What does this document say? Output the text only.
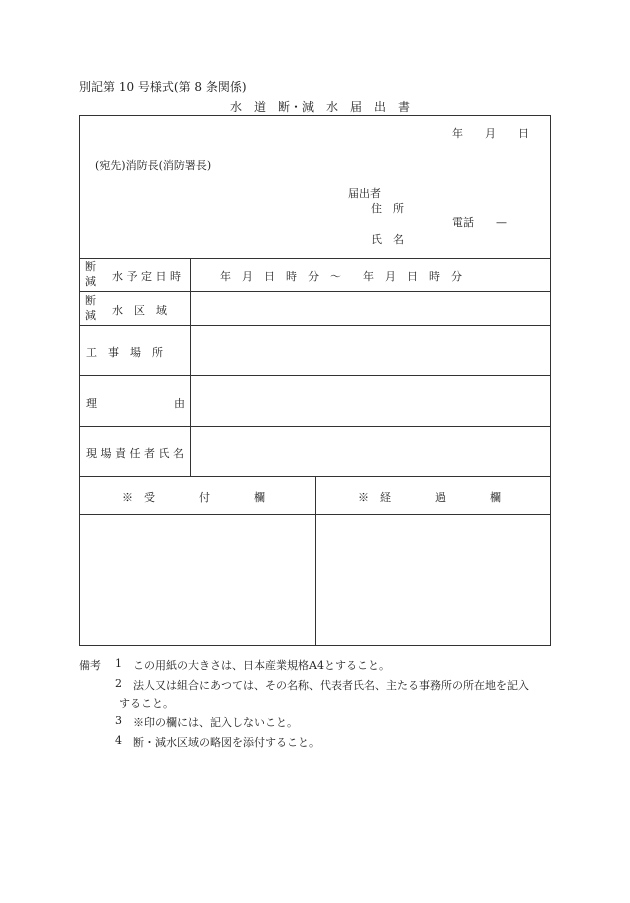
別記第 10 号様式(第 8 条関係)
水　道　断・減　水　届　出　書
年　　月　　日
(宛先)消防長(消防署長)
届出者
住　所
電話　　—
氏　名
断
減 水 予 定 日 時	年　月　日　時　分　～　　年　月　日　時　分
断
減 水　区　域
工　事　場　所
理	由
現 場 責 任 者 氏 名
※　受　　　　付　　　　欄	※　経　　　　過　　　　欄
備考 1 この用紙の大きさは、日本産業規格A4とすること。
2 法人又は組合にあつては、その名称、代表者氏名、主たる事務所の所在地を記入
すること。
3 ※印の欄には、記入しないこと。
4 断・減水区域の略図を添付すること。
